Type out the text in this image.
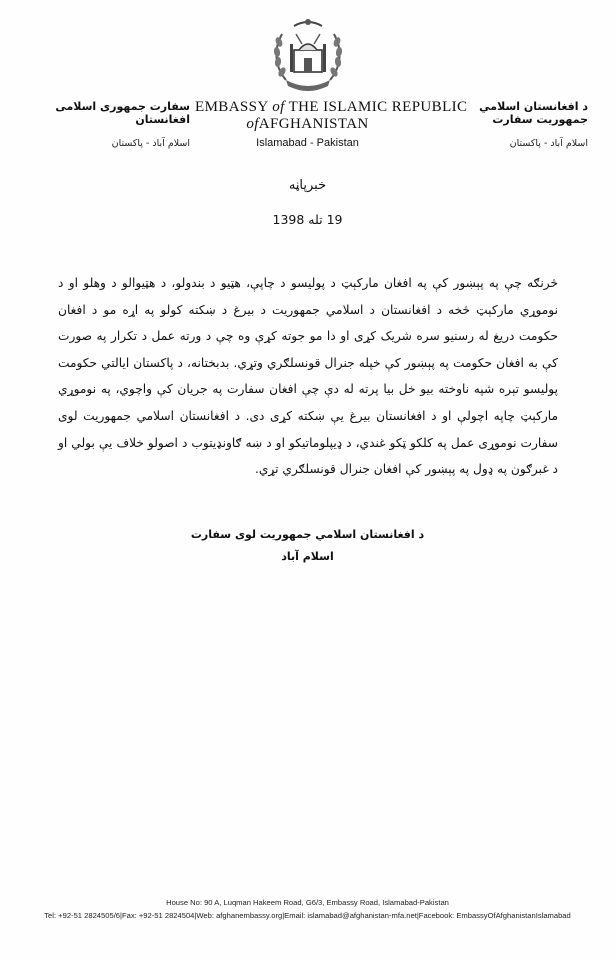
سفارت جمهوری اسلامی افغانستان
اسلام آباد - پاکستان
EMBASSY of THE ISLAMIC REPUBLIC
ofAFGHANISTAN
Islamabad - Pakistan
د افغانستان اسلامي جمهوریت سفارت
اسلام آباد - پاکستان
خبرپاڼه
19 تله 1398
څرنګه چې په پېښور کې په افغان مارکېټ د پولیسو د چاپې، هټیو د بندولو، د هټیوالو د وهلو او د نوموړي مارکېټ څخه د افغانستان د اسلامي جمهوریت د بیرغ د ښکته کولو په اړه مو د افغان حکومت دریغ له رسنیو سره شریک کړی او دا مو جوته کړې وه چې د ورته عمل د تکرار په صورت کې به افغان حکومت په پېښور کې خپله جنرال قونسلګري وتړي. بدبختانه، د پاکستان ایالتي حکومت پولیسو تېره شپه ناوخته بیو خل بیا پرته له دې چې افغان سفارت په جریان کې واچوي، په نوموړي مارکېټ چاپه اچولې او د افغانستان بیرغ یې ښکته کړی دی. د افغانستان اسلامي جمهوریت لوی سفارت نوموړی عمل په کلکو ټکو غندي، د ډیپلوماتیکو او د ښه ګاونډیتوب د اصولو خلاف یې بولي او د غبرګون په ډول په پېښور کې افغان جنرال قونسلګري تړي.
د افغانستان اسلامي جمهوریت لوی سفارت
اسلام آباد
House No: 90 A, Luqman Hakeem Road, G6/3, Embassy Road, Islamabad-Pakistan
Tel: +92-51 2824505/6|Fax: +92-51 2824504|Web: afghanembassy.org|Email: islamabad@afghanistan-mfa.net|Facebook: EmbassyOfAfghanistanIslamabad
